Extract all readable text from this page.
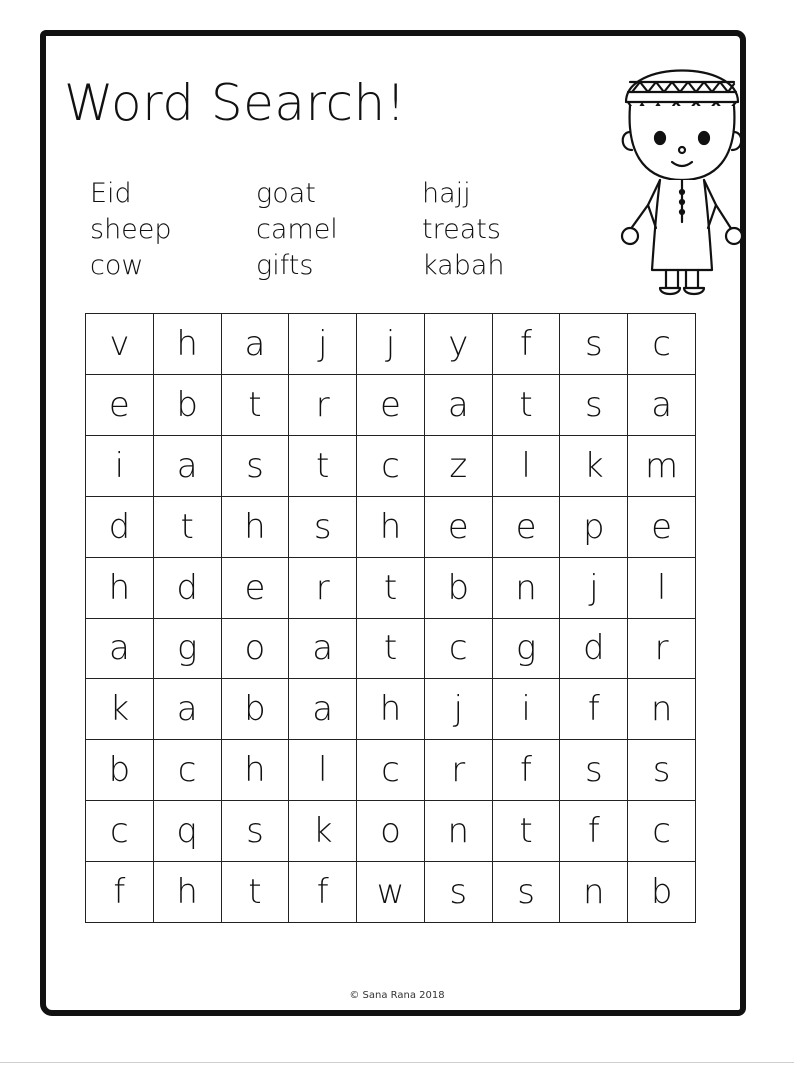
Word Search!
Eid	goat	hajj
sheep	camel	treats
cow	gifts	kabah
v	h	a	j	j	y	f	s	c
e	b	t	r	e	a	t	s	a
i	a	s	t	c	z	l	k	m
d	t	h	s	h	e	e	p	e
h	d	e	r	t	b	n	j	l
a	g	o	a	t	c	g	d	r
k	a	b	a	h	j	i	f	n
b	c	h	l	c	r	f	s	s
c	q	s	k	o	n	t	f	c
f	h	t	f	w	s	s	n	b
© Sana Rana 2018
